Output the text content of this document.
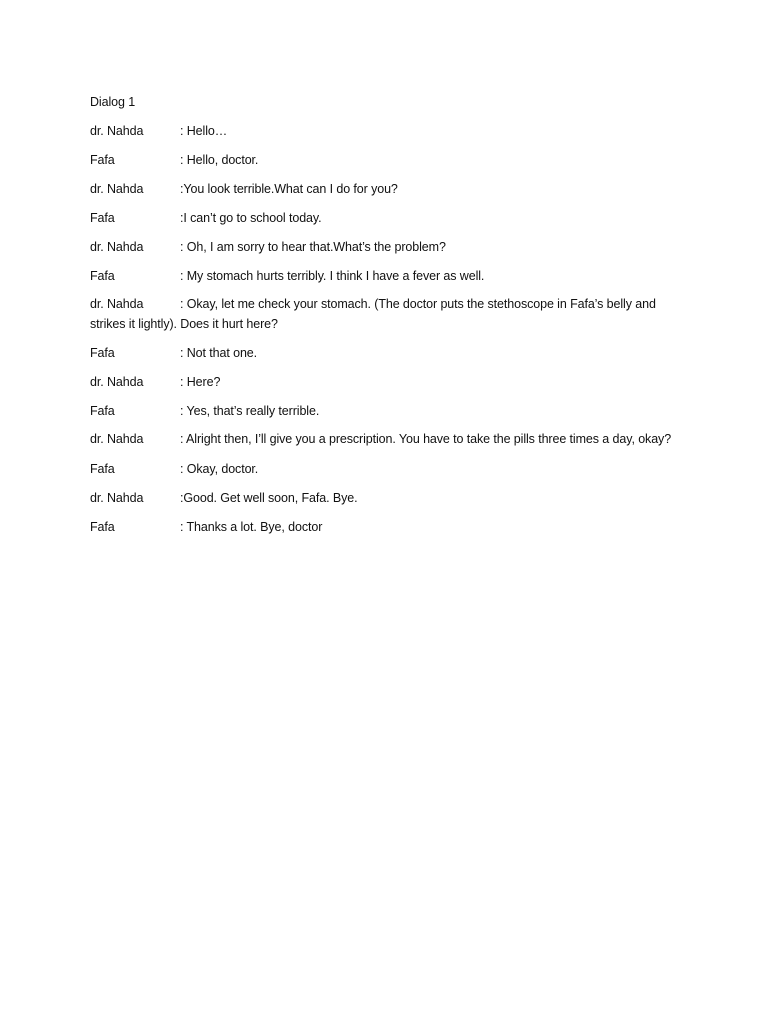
Dialog 1
dr. Nahda	: Hello…
Fafa	: Hello, doctor.
dr. Nahda	:You look terrible.What can I do for you?
Fafa	:I can’t go to school today.
dr. Nahda	: Oh, I am sorry to hear that.What’s the problem?
Fafa	: My stomach hurts terribly. I think I have a fever as well.
dr. Nahda	: Okay, let me check your stomach. (The doctor puts the stethoscope in Fafa’s belly and strikes it lightly). Does it hurt here?
Fafa	: Not that one.
dr. Nahda	: Here?
Fafa	: Yes, that’s really terrible.
dr. Nahda	: Alright then, I’ll give you a prescription. You have to take the pills three times a day, okay?
Fafa	: Okay, doctor.
dr. Nahda	:Good. Get well soon, Fafa. Bye.
Fafa	: Thanks a lot. Bye, doctor
